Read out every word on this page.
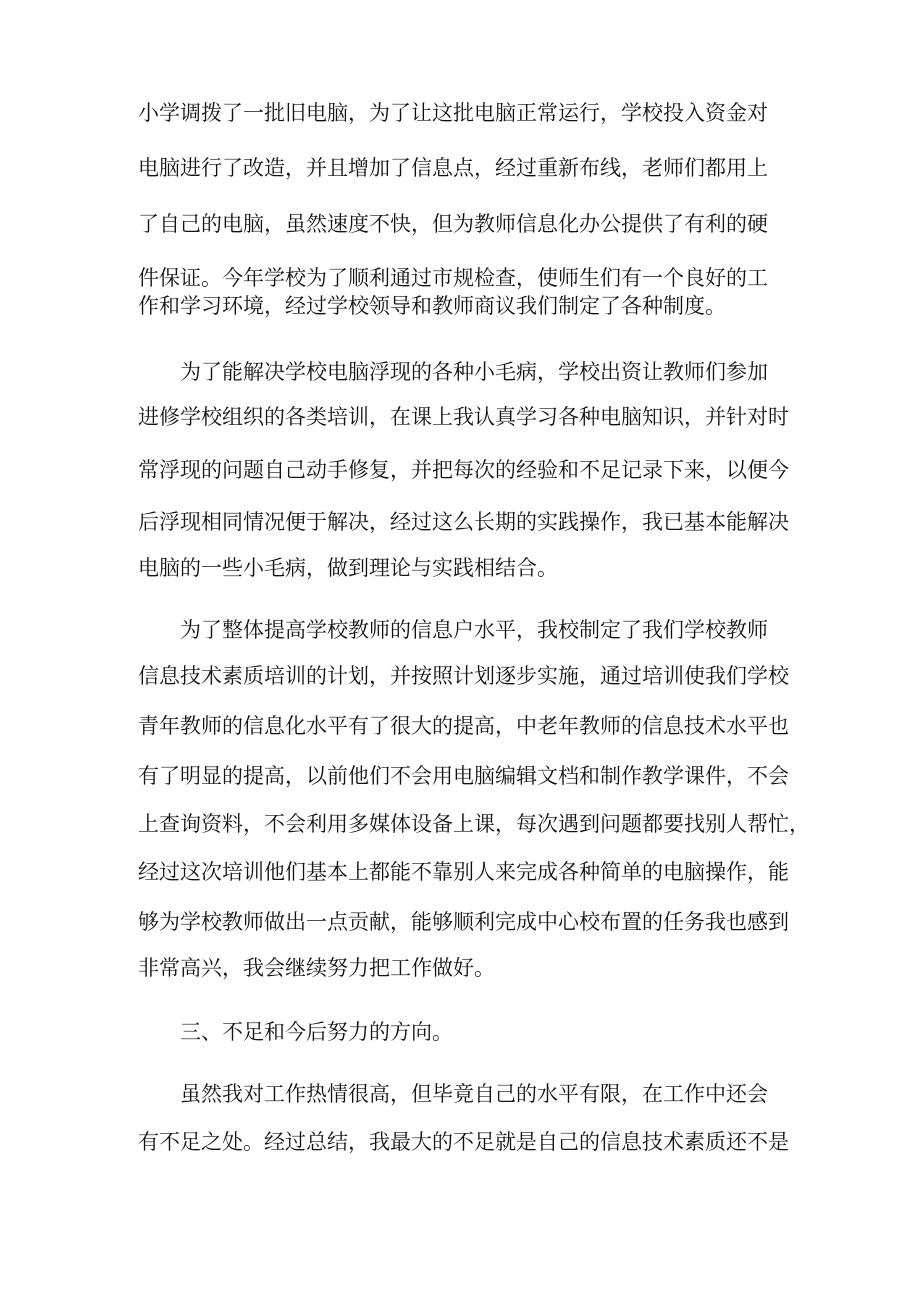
小学调拨了一批旧电脑，为了让这批电脑正常运行，学校投入资金对
电脑进行了改造，并且增加了信息点，经过重新布线，老师们都用上
了自己的电脑，虽然速度不快，但为教师信息化办公提供了有利的硬
件保证。今年学校为了顺利通过市规检查，使师生们有一个良好的工
作和学习环境，经过学校领导和教师商议我们制定了各种制度。
为了能解决学校电脑浮现的各种小毛病，学校出资让教师们参加
进修学校组织的各类培训，在课上我认真学习各种电脑知识，并针对时
常浮现的问题自己动手修复，并把每次的经验和不足记录下来，以便今
后浮现相同情况便于解决，经过这么长期的实践操作，我已基本能解决
电脑的一些小毛病，做到理论与实践相结合。
为了整体提高学校教师的信息户水平，我校制定了我们学校教师
信息技术素质培训的计划，并按照计划逐步实施，通过培训使我们学校
青年教师的信息化水平有了很大的提高，中老年教师的信息技术水平也
有了明显的提高，以前他们不会用电脑编辑文档和制作教学课件，不会
上查询资料，不会利用多媒体设备上课，每次遇到问题都要找别人帮忙，
经过这次培训他们基本上都能不靠别人来完成各种简单的电脑操作，能
够为学校教师做出一点贡献，能够顺利完成中心校布置的任务我也感到
非常高兴，我会继续努力把工作做好。
三、不足和今后努力的方向。
虽然我对工作热情很高，但毕竟自己的水平有限，在工作中还会
有不足之处。经过总结，我最大的不足就是自己的信息技术素质还不是
